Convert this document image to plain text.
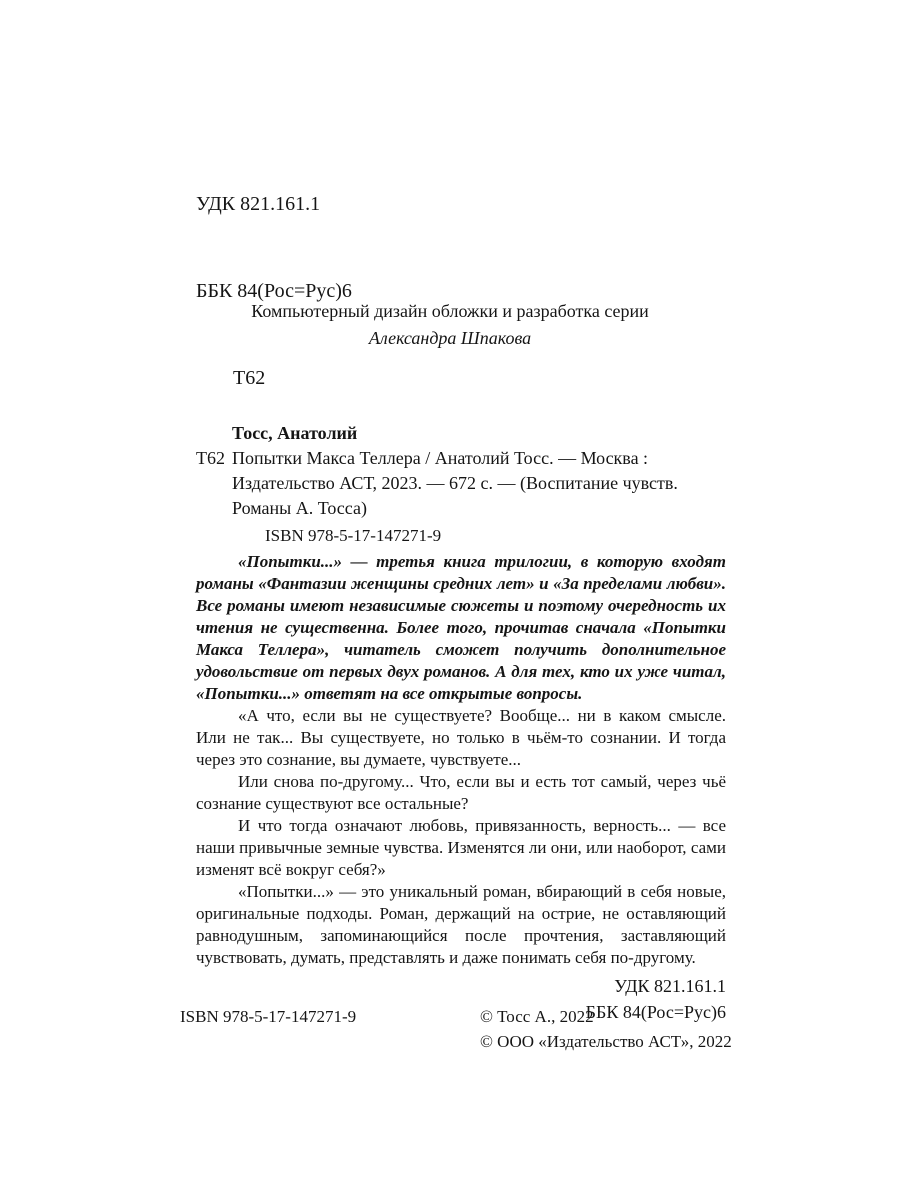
УДК 821.161.1

ББК 84(Рос=Рус)6

Т62

Компьютерный дизайн обложки и разработка серии
Александра Шпакова
Тосс, Анатолий
Т62 Попытки Макса Теллера / Анатолий Тосс. — Москва : Издательство АСТ, 2023. — 672 с. — (Воспитание чувств. Романы А. Тосса)
ISBN 978-5-17-147271-9

«Попытки...» — третья книга трилогии, в которую входят романы «Фантазии женщины средних лет» и «За пределами любви». Все романы имеют независимые сюжеты и поэтому очередность их чтения не существенна. Более того, прочитав сначала «Попытки Макса Теллера», читатель сможет получить дополнительное удовольствие от первых двух романов. А для тех, кто их уже читал, «Попытки...» ответят на все открытые вопросы.

«А что, если вы не существуете? Вообще... ни в каком смысле. Или не так... Вы существуете, но только в чьём-то сознании. И тогда через это сознание, вы думаете, чувствуете...

Или снова по-другому... Что, если вы и есть тот самый, через чьё сознание существуют все остальные?

И что тогда означают любовь, привязанность, верность... — все наши привычные земные чувства. Изменятся ли они, или наоборот, сами изменят всё вокруг себя?»

«Попытки...» — это уникальный роман, вбирающий в себя новые, оригинальные подходы. Роман, держащий на острие, не оставляющий равнодушным, запоминающийся после прочтения, заставляющий чувствовать, думать, представлять и даже понимать себя по-другому.

УДК 821.161.1
ББК 84(Рос=Рус)6
ISBN 978-5-17-147271-9	© Тосс А., 2022
© ООО «Издательство АСТ», 2022
